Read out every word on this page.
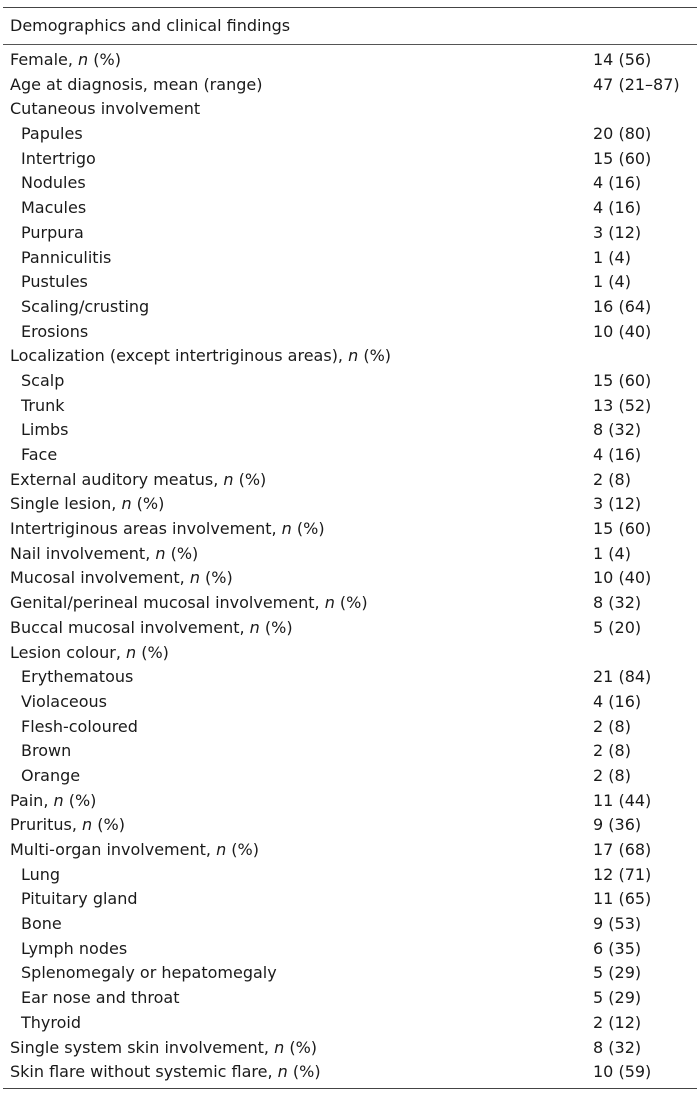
Demographics and clinical findings
Female, n (%)	14 (56)
Age at diagnosis, mean (range)	47 (21–87)
Cutaneous involvement
Papules	20 (80)
Intertrigo	15 (60)
Nodules	4 (16)
Macules	4 (16)
Purpura	3 (12)
Panniculitis	1 (4)
Pustules	1 (4)
Scaling/crusting	16 (64)
Erosions	10 (40)
Localization (except intertriginous areas), n (%)
Scalp	15 (60)
Trunk	13 (52)
Limbs	8 (32)
Face	4 (16)
External auditory meatus, n (%)	2 (8)
Single lesion, n (%)	3 (12)
Intertriginous areas involvement, n (%)	15 (60)
Nail involvement, n (%)	1 (4)
Mucosal involvement, n (%)	10 (40)
Genital/perineal mucosal involvement, n (%)	8 (32)
Buccal mucosal involvement, n (%)	5 (20)
Lesion colour, n (%)
Erythematous	21 (84)
Violaceous	4 (16)
Flesh-coloured	2 (8)
Brown	2 (8)
Orange	2 (8)
Pain, n (%)	11 (44)
Pruritus, n (%)	9 (36)
Multi-organ involvement, n (%)	17 (68)
Lung	12 (71)
Pituitary gland	11 (65)
Bone	9 (53)
Lymph nodes	6 (35)
Splenomegaly or hepatomegaly	5 (29)
Ear nose and throat	5 (29)
Thyroid	2 (12)
Single system skin involvement, n (%)	8 (32)
Skin flare without systemic flare, n (%)	10 (59)
